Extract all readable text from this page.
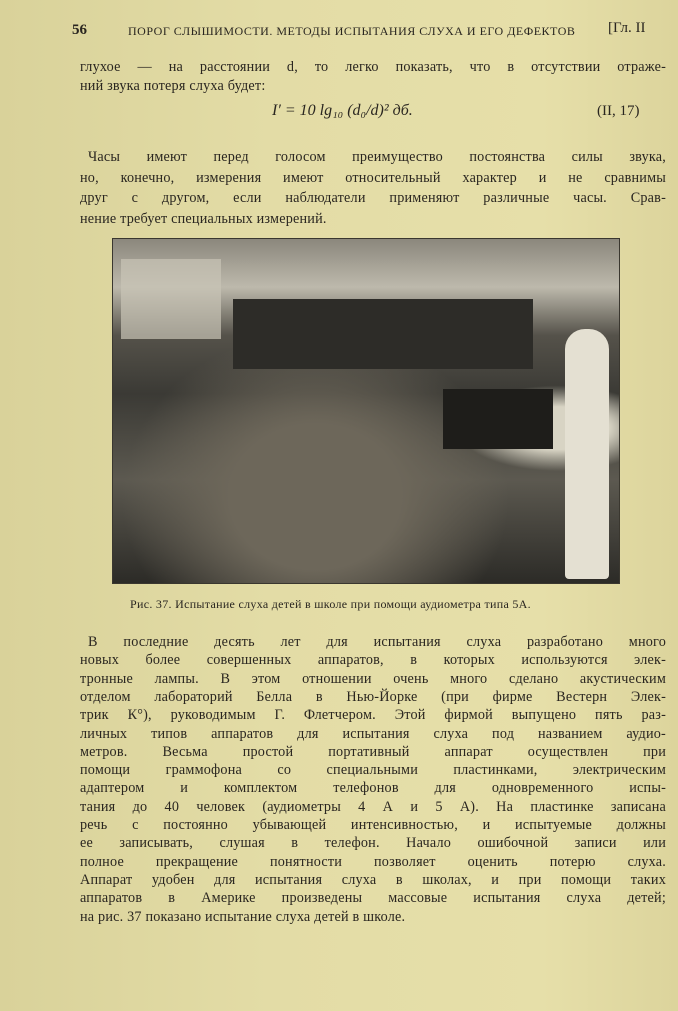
56	ПОРОГ СЛЫШИМОСТИ. МЕТОДЫ ИСПЫТАНИЯ СЛУХА И ЕГО ДЕФЕКТОВ [Гл. II
глухое — на расстоянии d, то легко показать, что в отсутствии отраже-
ний звука потеря слуха будет:
I′ = 10 lg₁₀ (d₀/d)² дб.	(II, 17)
Часы имеют перед голосом преимущество постоянства силы звука,
но, конечно, измерения имеют относительный характер и не сравнимы
друг с другом, если наблюдатели применяют различные часы. Срав-
нение требует специальных измерений.
Рис. 37. Испытание слуха детей в школе при помощи аудиометра типа 5А.
В последние десять лет для испытания слуха разработано много
новых более совершенных аппаратов, в которых используются элек-
тронные лампы. В этом отношении очень много сделано акустическим
отделом лабораторий Белла в Нью-Йорке (при фирме Вестерн Элек-
трик К°), руководимым Г. Флетчером. Этой фирмой выпущено пять раз-
личных типов аппаратов для испытания слуха под названием аудио-
метров. Весьма простой портативный аппарат осуществлен при
помощи граммофона со специальными пластинками, электрическим
адаптером и комплектом телефонов для одновременного испы-
тания до 40 человек (аудиометры 4 А и 5 А). На пластинке записана
речь с постоянно убывающей интенсивностью, и испытуемые должны
ее записывать, слушая в телефон. Начало ошибочной записи или
полное прекращение понятности позволяет оценить потерю слуха.
Аппарат удобен для испытания слуха в школах, и при помощи таких
аппаратов в Америке произведены массовые испытания слуха детей;
на рис. 37 показано испытание слуха детей в школе.
